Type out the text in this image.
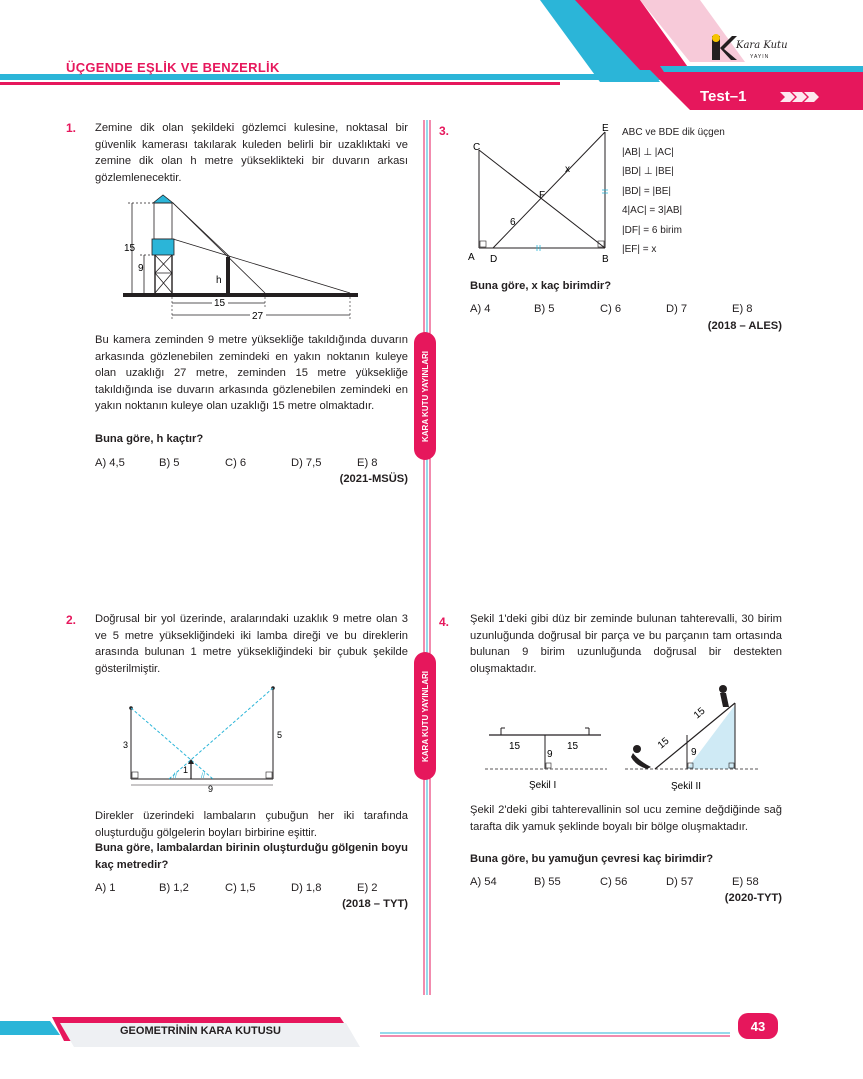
ÜÇGENDE EŞLİK VE BENZERLİK
Test–1
Kara Kutu
YAYIN
KARA KUTU YAYINLARI
KARA KUTU YAYINLARI
1. Zemine dik olan şekildeki gözlemci kulesine, noktasal bir güvenlik kamerası takılarak kuleden belirli bir uzaklıktaki ve zemine dik olan h metre yükseklikteki bir duvarın arkası gözlemlenecektir.
15
9
h
15
27
Bu kamera zeminden 9 metre yüksekliğe takıldığında duvarın arkasında gözlenebilen zemindeki en yakın noktanın kuleye olan uzaklığı 27 metre, zeminden 15 metre yüksekliğe takıldığında ise duvarın arkasında gözlenebilen zemindeki en yakın noktanın kuleye olan uzaklığı 15 metre olmaktadır.
Buna göre, h kaçtır?
A) 4,5	B) 5	C) 6	D) 7,5	E) 8
(2021-MSÜS)
2. Doğrusal bir yol üzerinde, aralarındaki uzaklık 9 metre olan 3 ve 5 metre yüksekliğindeki iki lamba direği ve bu direklerin arasında bulunan 1 metre yüksekliğindeki bir çubuk şekilde gösterilmiştir.
3
5
1
//	//
9
Direkler üzerindeki lambaların çubuğun her iki tarafında oluşturduğu gölgelerin boyları birbirine eşittir.
Buna göre, lambalardan birinin oluşturduğu gölgenin boyu kaç metredir?
A) 1	B) 1,2	C) 1,5	D) 1,8	E) 2
(2018 – TYT)
3.
C
E
F
x
6
A D	B
ABC ve BDE dik üçgen
|AB| ⊥ |AC|
|BD| ⊥ |BE|
|BD| = |BE|
4|AC| = 3|AB|
|DF| = 6 birim
|EF| = x
Buna göre, x kaç birimdir?
A) 4	B) 5	C) 6	D) 7	E) 8
(2018 – ALES)
4. Şekil 1'deki gibi düz bir zeminde bulunan tahterevalli, 30 birim uzunluğunda doğrusal bir parça ve bu parçanın tam ortasında bulunan 9 birim uzunluğunda doğrusal bir destekten oluşmaktadır.
15	15
9
Şekil I
15
15
9
Şekil II
Şekil 2'deki gibi tahterevallinin sol ucu zemine değdiğinde sağ tarafta dik yamuk şeklinde boyalı bir bölge oluşmaktadır.
Buna göre, bu yamuğun çevresi kaç birimdir?
A) 54	B) 55	C) 56	D) 57	E) 58
(2020-TYT)
GEOMETRİNİN KARA KUTUSU	43
